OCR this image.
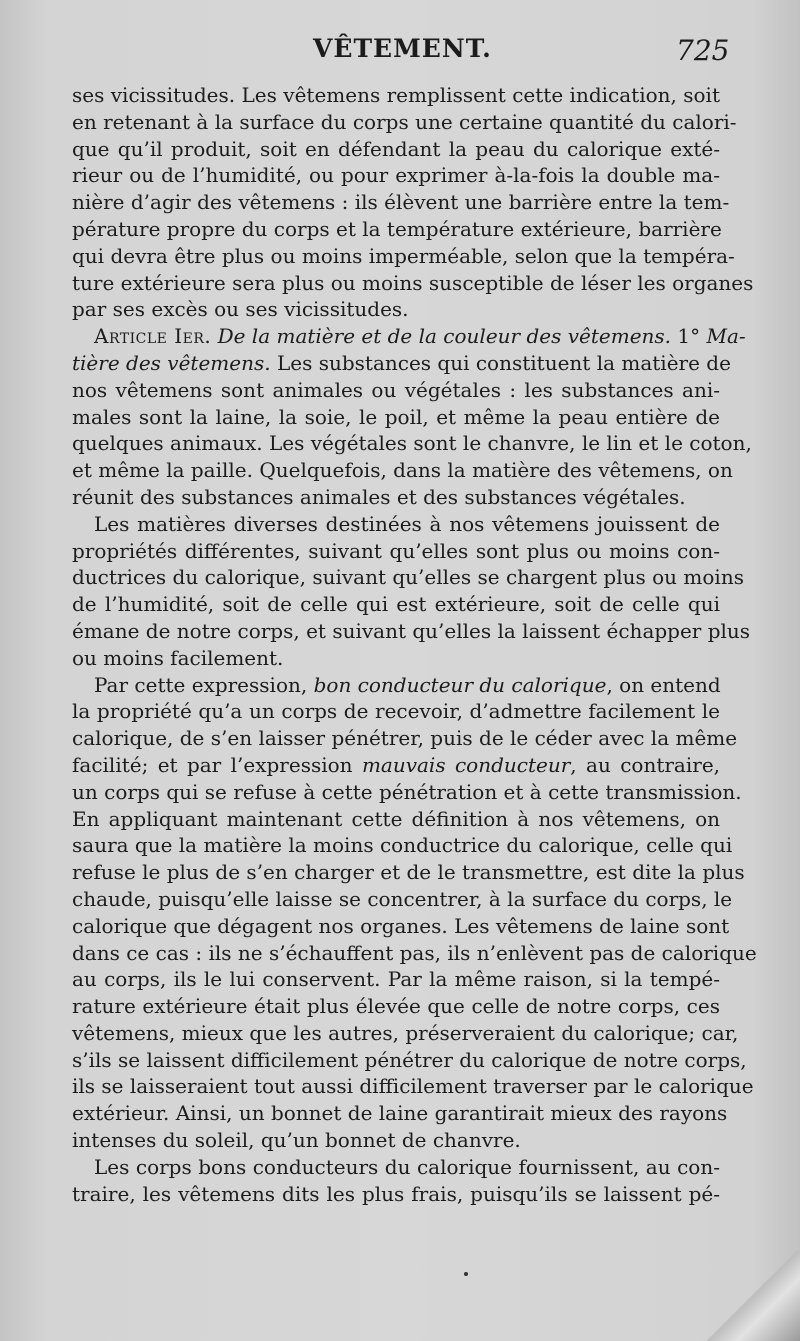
VÊTEMENT.	725
ses vicissitudes. Les vêtemens remplissent cette indication, soit
en retenant à la surface du corps une certaine quantité du calori-
que qu’il produit, soit en défendant la peau du calorique exté-
rieur ou de l’humidité, ou pour exprimer à-la-fois la double ma-
nière d’agir des vêtemens : ils élèvent une barrière entre la tem-
pérature propre du corps et la température extérieure, barrière
qui devra être plus ou moins imperméable, selon que la tempéra-
ture extérieure sera plus ou moins susceptible de léser les organes
par ses excès ou ses vicissitudes.
Article Ier. De la matière et de la couleur des vêtemens. 1° Ma-
tière des vêtemens. Les substances qui constituent la matière de
nos vêtemens sont animales ou végétales : les substances ani-
males sont la laine, la soie, le poil, et même la peau entière de
quelques animaux. Les végétales sont le chanvre, le lin et le coton,
et même la paille. Quelquefois, dans la matière des vêtemens, on
réunit des substances animales et des substances végétales.
Les matières diverses destinées à nos vêtemens jouissent de
propriétés différentes, suivant qu’elles sont plus ou moins con-
ductrices du calorique, suivant qu’elles se chargent plus ou moins
de l’humidité, soit de celle qui est extérieure, soit de celle qui
émane de notre corps, et suivant qu’elles la laissent échapper plus
ou moins facilement.
Par cette expression, bon conducteur du calorique, on entend
la propriété qu’a un corps de recevoir, d’admettre facilement le
calorique, de s’en laisser pénétrer, puis de le céder avec la même
facilité; et par l’expression mauvais conducteur, au contraire,
un corps qui se refuse à cette pénétration et à cette transmission.
En appliquant maintenant cette définition à nos vêtemens, on
saura que la matière la moins conductrice du calorique, celle qui
refuse le plus de s’en charger et de le transmettre, est dite la plus
chaude, puisqu’elle laisse se concentrer, à la surface du corps, le
calorique que dégagent nos organes. Les vêtemens de laine sont
dans ce cas : ils ne s’échauffent pas, ils n’enlèvent pas de calorique
au corps, ils le lui conservent. Par la même raison, si la tempé-
rature extérieure était plus élevée que celle de notre corps, ces
vêtemens, mieux que les autres, préserveraient du calorique; car,
s’ils se laissent difficilement pénétrer du calorique de notre corps,
ils se laisseraient tout aussi difficilement traverser par le calorique
extérieur. Ainsi, un bonnet de laine garantirait mieux des rayons
intenses du soleil, qu’un bonnet de chanvre.
Les corps bons conducteurs du calorique fournissent, au con-
traire, les vêtemens dits les plus frais, puisqu’ils se laissent pé-
